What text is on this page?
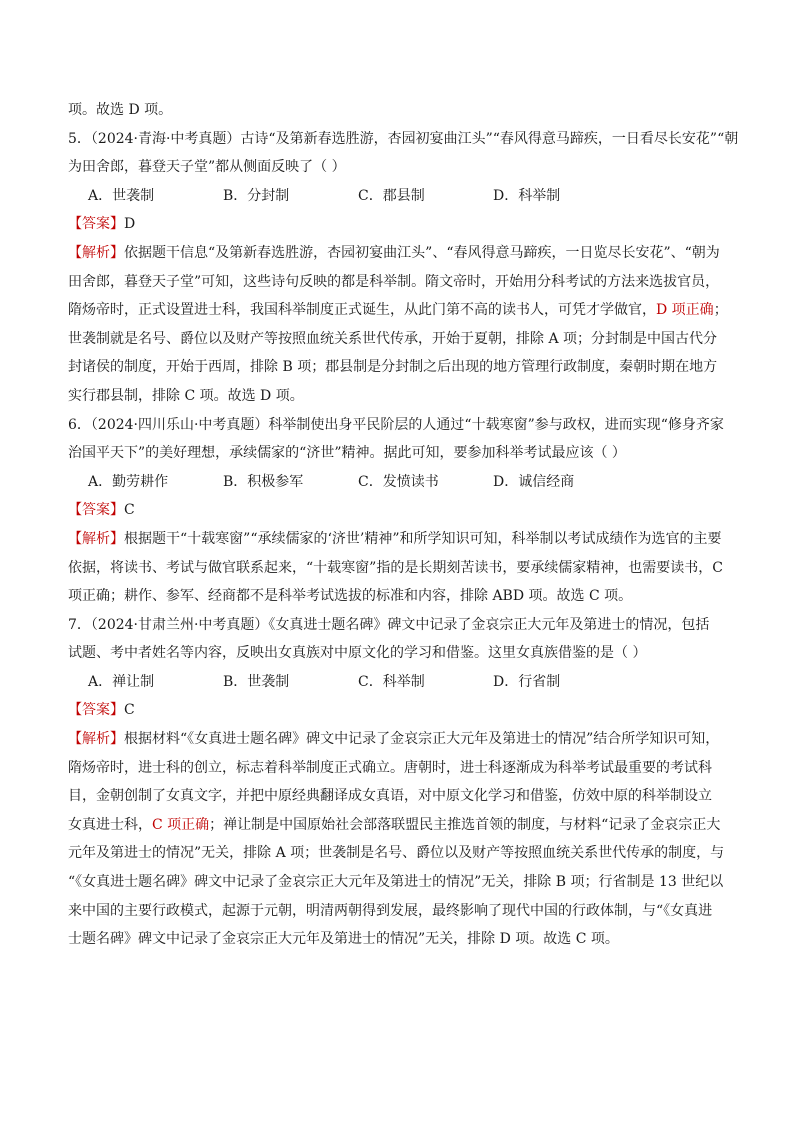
项。故选 D 项。
5．（2024·青海·中考真题）古诗“及第新春选胜游，杏园初宴曲江头”“春风得意马蹄疾，一日看尽长安花”“朝
为田舍郎，暮登天子堂”都从侧面反映了（ ）
A．世袭制	B．分封制	C．郡县制	D．科举制
【答案】D
【解析】依据题干信息“及第新春选胜游，杏园初宴曲江头”、“春风得意马蹄疾，一日览尽长安花”、“朝为
田舍郎，暮登天子堂”可知，这些诗句反映的都是科举制。隋文帝时，开始用分科考试的方法来选拔官员，
隋炀帝时，正式设置进士科，我国科举制度正式诞生，从此门第不高的读书人，可凭才学做官，D 项正确；
世袭制就是名号、爵位以及财产等按照血统关系世代传承，开始于夏朝，排除 A 项；分封制是中国古代分
封诸侯的制度，开始于西周，排除 B 项；郡县制是分封制之后出现的地方管理行政制度，秦朝时期在地方
实行郡县制，排除 C 项。故选 D 项。
6．（2024·四川乐山·中考真题）科举制使出身平民阶层的人通过“十载寒窗”参与政权，进而实现“修身齐家
治国平天下”的美好理想，承续儒家的“济世”精神。据此可知，要参加科举考试最应该（ ）
A．勤劳耕作	B．积极参军	C．发愤读书	D．诚信经商
【答案】C
【解析】根据题干“十载寒窗”“承续儒家的‘济世’精神”和所学知识可知，科举制以考试成绩作为选官的主要
依据，将读书、考试与做官联系起来，“十载寒窗”指的是长期刻苦读书，要承续儒家精神，也需要读书，C
项正确；耕作、参军、经商都不是科举考试选拔的标准和内容，排除 ABD 项。故选 C 项。
7．（2024·甘肃兰州·中考真题）《女真进士题名碑》碑文中记录了金哀宗正大元年及第进士的情况，包括
试题、考中者姓名等内容，反映出女真族对中原文化的学习和借鉴。这里女真族借鉴的是（ ）
A．禅让制	B．世袭制	C．科举制	D．行省制
【答案】C
【解析】根据材料“《女真进士题名碑》碑文中记录了金哀宗正大元年及第进士的情况”结合所学知识可知，
隋炀帝时，进士科的创立，标志着科举制度正式确立。唐朝时，进士科逐渐成为科举考试最重要的考试科
目，金朝创制了女真文字，并把中原经典翻译成女真语，对中原文化学习和借鉴，仿效中原的科举制设立
女真进士科，C 项正确；禅让制是中国原始社会部落联盟民主推选首领的制度，与材料“记录了金哀宗正大
元年及第进士的情况”无关，排除 A 项；世袭制是名号、爵位以及财产等按照血统关系世代传承的制度，与
“《女真进士题名碑》碑文中记录了金哀宗正大元年及第进士的情况”无关，排除 B 项；行省制是 13 世纪以
来中国的主要行政模式，起源于元朝，明清两朝得到发展，最终影响了现代中国的行政体制，与“《女真进
士题名碑》碑文中记录了金哀宗正大元年及第进士的情况”无关，排除 D 项。故选 C 项。
